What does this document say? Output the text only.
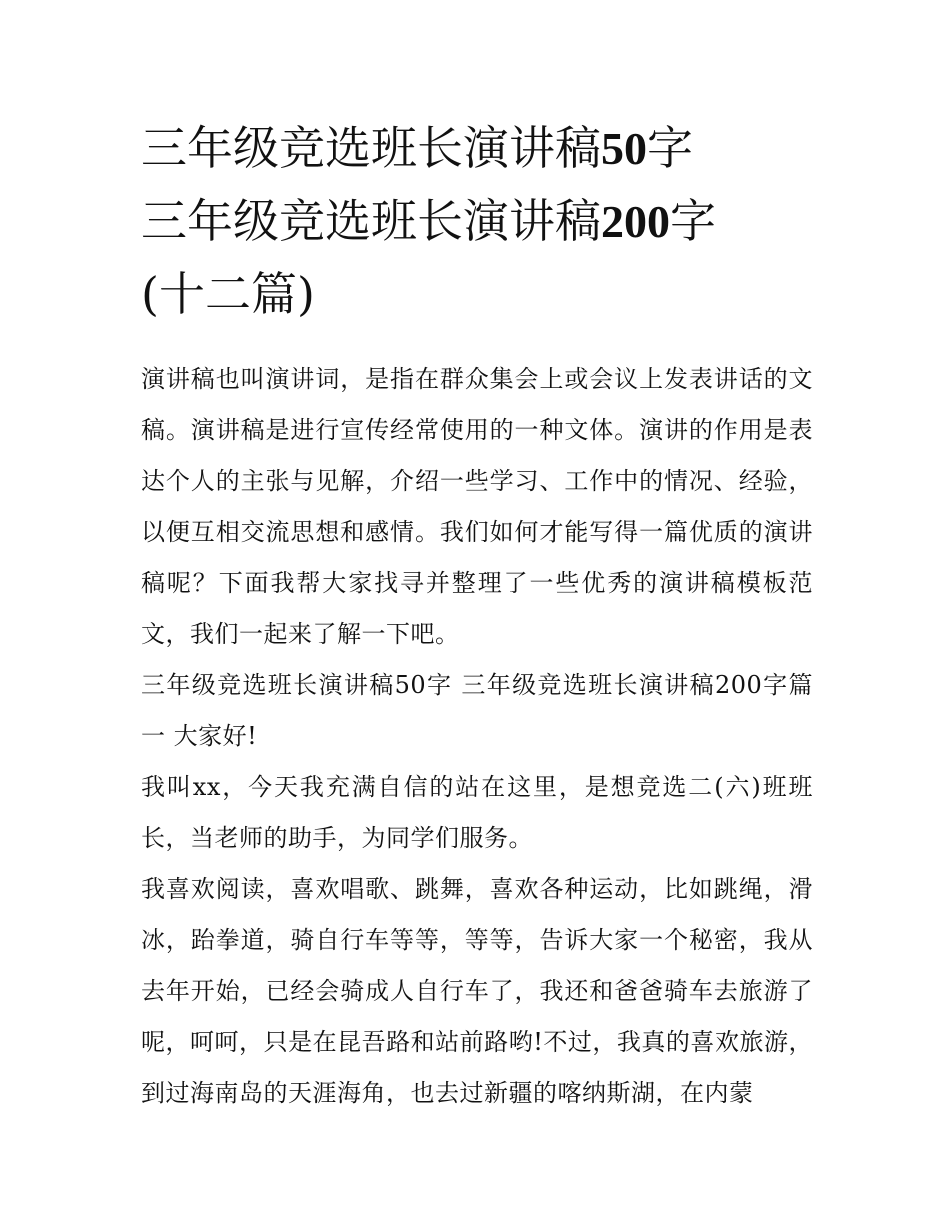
三年级竞选班长演讲稿50字
三年级竞选班长演讲稿200字
(十二篇)

演讲稿也叫演讲词，是指在群众集会上或会议上发表讲话的文稿。演讲稿是进行宣传经常使用的一种文体。演讲的作用是表达个人的主张与见解，介绍一些学习、工作中的情况、经验，以便互相交流思想和感情。我们如何才能写得一篇优质的演讲稿呢？下面我帮大家找寻并整理了一些优秀的演讲稿模板范文，我们一起来了解一下吧。

三年级竞选班长演讲稿50字 三年级竞选班长演讲稿200字篇一 大家好!

我叫xx，今天我充满自信的站在这里，是想竞选二(六)班班长，当老师的助手，为同学们服务。

我喜欢阅读，喜欢唱歌、跳舞，喜欢各种运动，比如跳绳，滑冰，跆拳道，骑自行车等等，等等，告诉大家一个秘密，我从去年开始，已经会骑成人自行车了，我还和爸爸骑车去旅游了呢，呵呵，只是在昆吾路和站前路哟!不过，我真的喜欢旅游，到过海南岛的天涯海角，也去过新疆的喀纳斯湖，在内蒙
